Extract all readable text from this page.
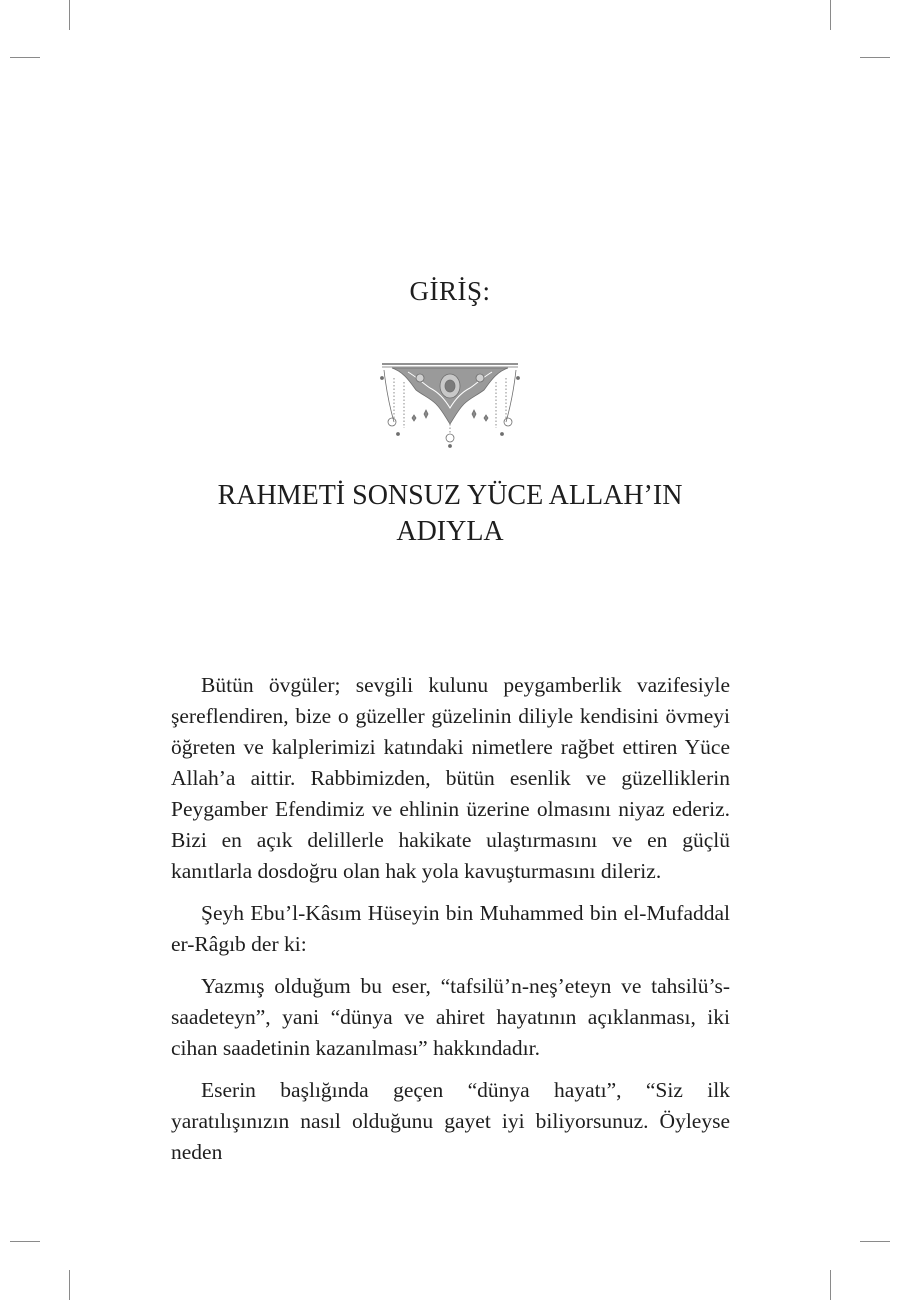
GİRİŞ:
RAHMETİ SONSUZ YÜCE ALLAH’IN
ADIYLA

Bütün övgüler; sevgili kulunu peygamberlik vazifesiyle şereflendiren, bize o güzeller güzelinin diliyle kendisini övmeyi öğreten ve kalplerimizi katındaki nimetlere rağbet ettiren Yüce Allah’a aittir. Rabbimizden, bütün esenlik ve güzelliklerin Peygamber Efendimiz ve ehlinin üzerine olmasını niyaz ederiz. Bizi en açık delillerle hakikate ulaştırmasını ve en güçlü kanıtlarla dosdoğru olan hak yola kavuşturmasını dileriz.

Şeyh Ebu’l-Kâsım Hüseyin bin Muhammed bin el-Mufaddal er-Râgıb der ki:

Yazmış olduğum bu eser, “tafsilü’n-neş’eteyn ve tahsilü’s-saadeteyn”, yani “dünya ve ahiret hayatının açıklanması, iki cihan saadetinin kazanılması” hakkındadır.

Eserin başlığında geçen “dünya hayatı”, “Siz ilk yaratılışınızın nasıl olduğunu gayet iyi biliyorsunuz. Öyleyse neden
